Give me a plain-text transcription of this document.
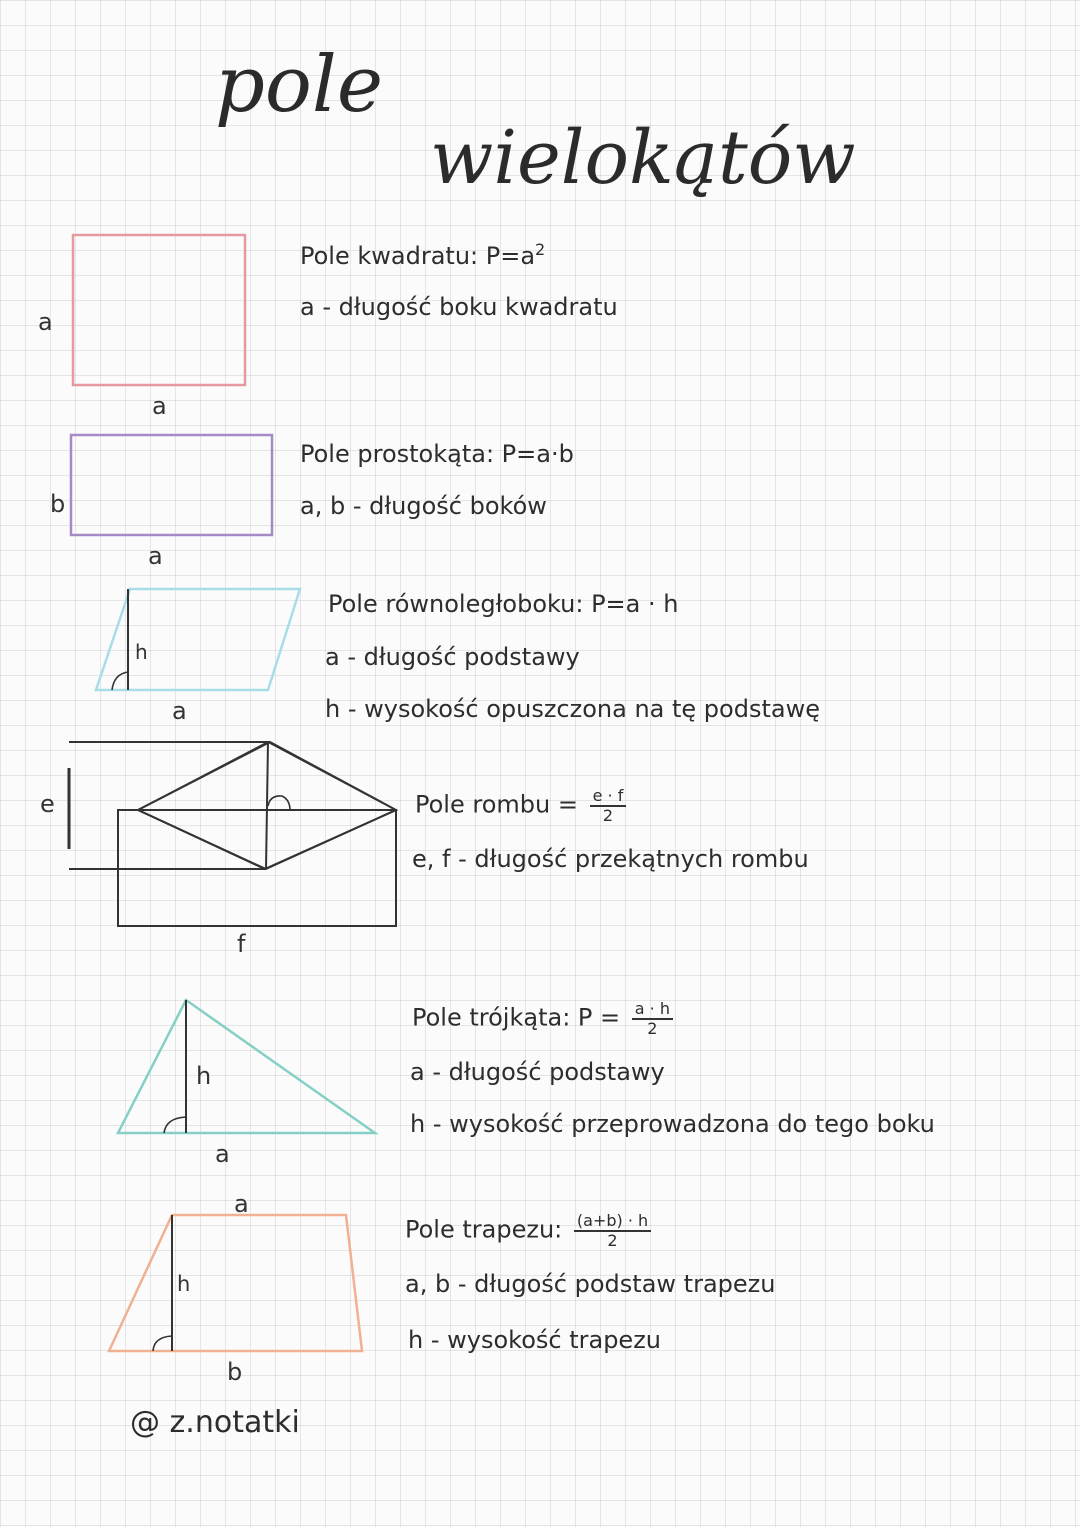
pole
wielokątów
a
a
b
a
h
a
e
f
h
a
a
h
b
Pole kwadratu: $P=a^2$
a - długość boku kwadratu
Pole prostokąta: P=a·b
a, b - długość boków
Pole równoległoboku: P=a · h
a - długość podstawy
h - wysokość opuszczona na tę podstawę
Pole rombu = $\frac{e \cdot f}{2}$
e, f - długość przekątnych rombu
Pole trójkąta: $P = \frac{a \cdot h}{2}$
a - długość podstawy
h - wysokość przeprowadzona do tego boku
Pole trapezu: $\frac{(a+b) \cdot h}{2}$
a, b - długość podstaw trapezu
h - wysokość trapezu
@ z.notatki
